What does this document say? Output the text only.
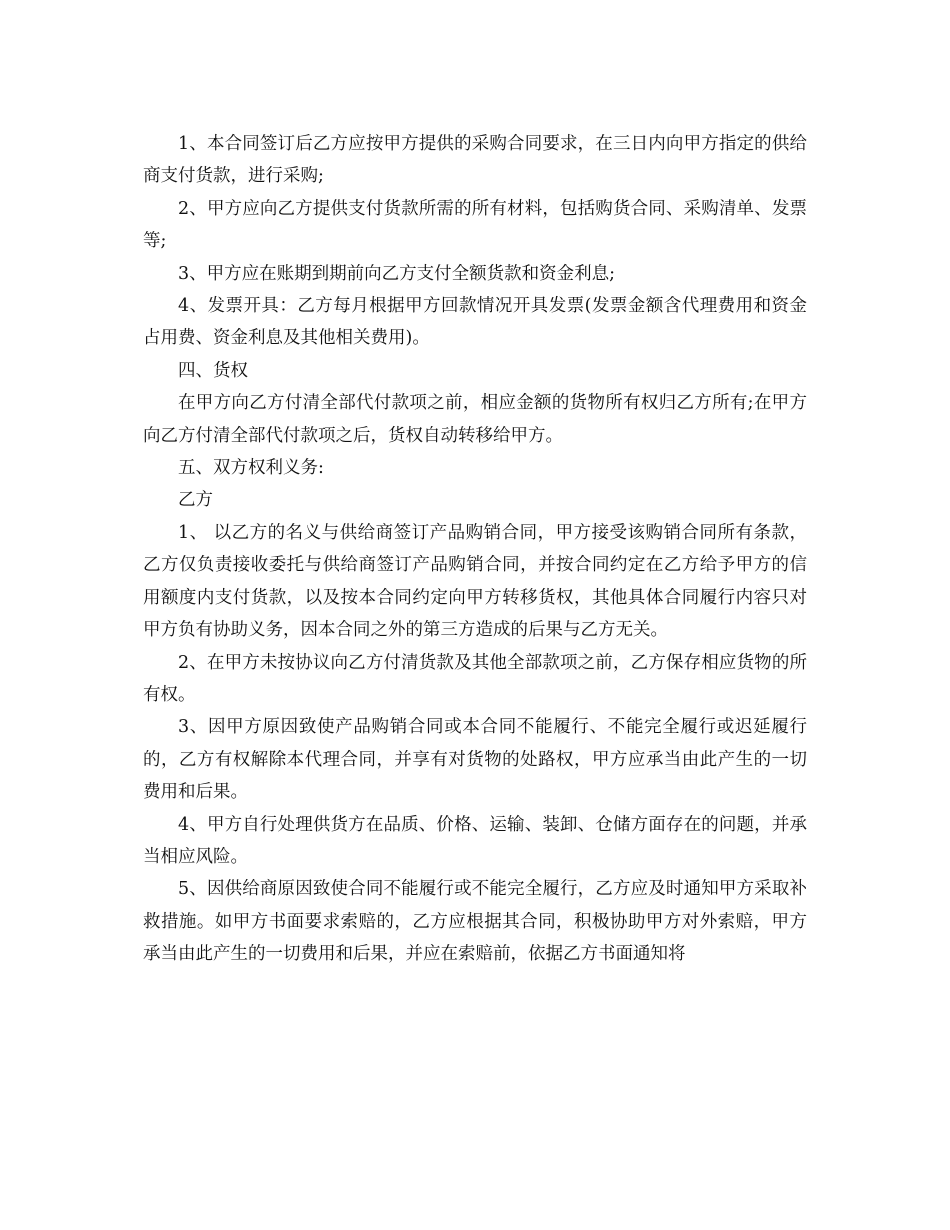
1、本合同签订后乙方应按甲方提供的采购合同要求，在三日内向甲方指定的供给商支付货款，进行采购;

2、甲方应向乙方提供支付货款所需的所有材料，包括购货合同、采购清单、发票等;

3、甲方应在账期到期前向乙方支付全额货款和资金利息;

4、发票开具：乙方每月根据甲方回款情况开具发票(发票金额含代理费用和资金占用费、资金利息及其他相关费用)。

四、货权

在甲方向乙方付清全部代付款项之前，相应金额的货物所有权归乙方所有;在甲方向乙方付清全部代付款项之后，货权自动转移给甲方。

五、双方权利义务:

乙方

1、 以乙方的名义与供给商签订产品购销合同，甲方接受该购销合同所有条款，乙方仅负责接收委托与供给商签订产品购销合同，并按合同约定在乙方给予甲方的信用额度内支付货款，以及按本合同约定向甲方转移货权，其他具体合同履行内容只对甲方负有协助义务，因本合同之外的第三方造成的后果与乙方无关。

2、在甲方未按协议向乙方付清货款及其他全部款项之前，乙方保存相应货物的所有权。

3、因甲方原因致使产品购销合同或本合同不能履行、不能完全履行或迟延履行的，乙方有权解除本代理合同，并享有对货物的处路权，甲方应承当由此产生的一切费用和后果。

4、甲方自行处理供货方在品质、价格、运输、装卸、仓储方面存在的问题，并承当相应风险。

5、因供给商原因致使合同不能履行或不能完全履行，乙方应及时通知甲方采取补救措施。如甲方书面要求索赔的，乙方应根据其合同，积极协助甲方对外索赔，甲方承当由此产生的一切费用和后果，并应在索赔前，依据乙方书面通知将
